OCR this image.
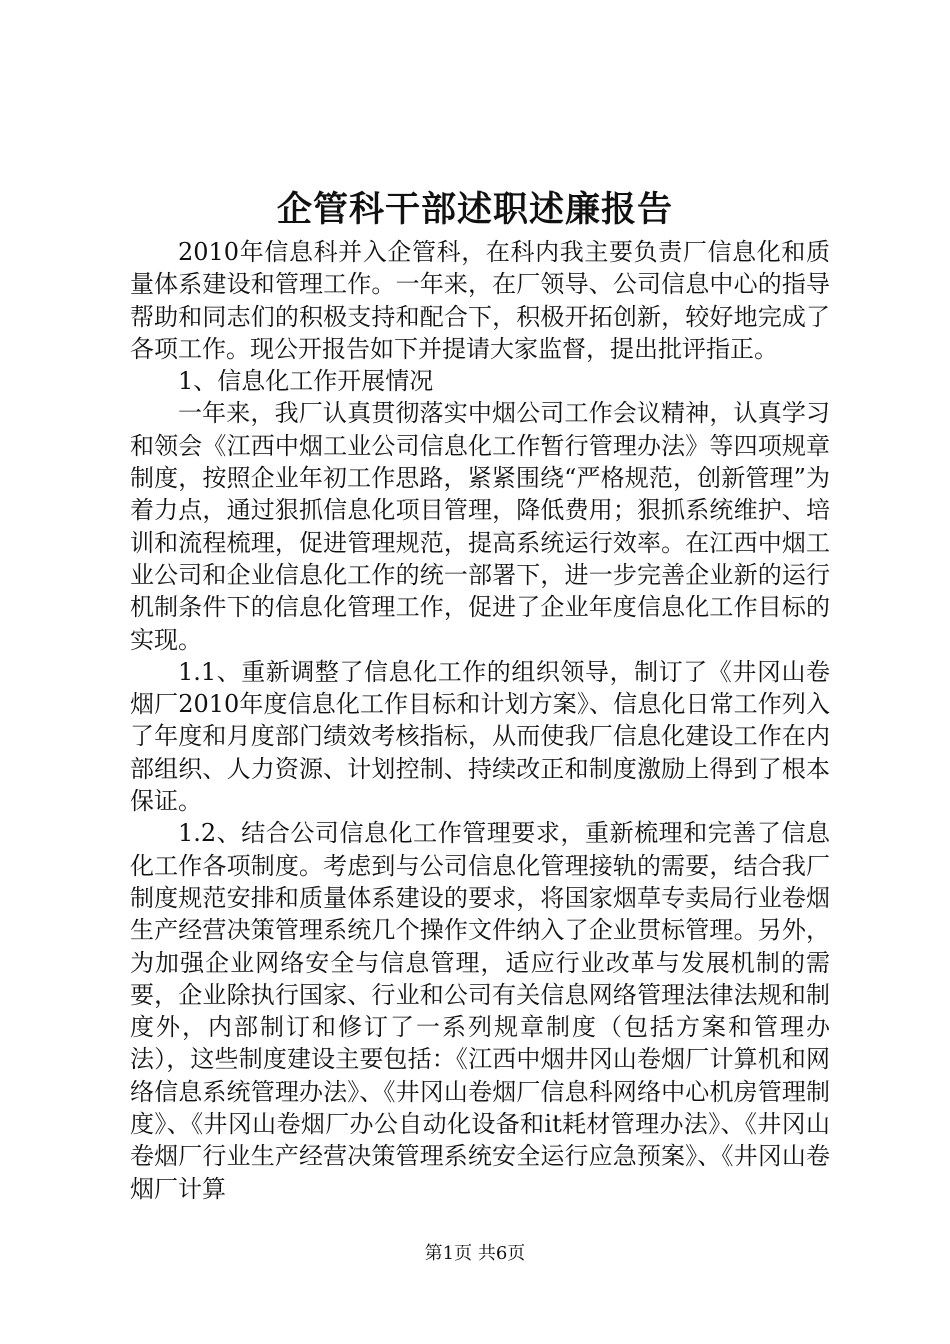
企管科干部述职述廉报告

2010年信息科并入企管科，在科内我主要负责厂信息化和质量体系建设和管理工作。一年来，在厂领导、公司信息中心的指导帮助和同志们的积极支持和配合下，积极开拓创新，较好地完成了各项工作。现公开报告如下并提请大家监督，提出批评指正。

1、信息化工作开展情况

一年来，我厂认真贯彻落实中烟公司工作会议精神，认真学习和领会《江西中烟工业公司信息化工作暂行管理办法》等四项规章制度，按照企业年初工作思路，紧紧围绕“严格规范，创新管理”为着力点，通过狠抓信息化项目管理，降低费用；狠抓系统维护、培训和流程梳理，促进管理规范，提高系统运行效率。在江西中烟工业公司和企业信息化工作的统一部署下，进一步完善企业新的运行机制条件下的信息化管理工作，促进了企业年度信息化工作目标的实现。

1.1、重新调整了信息化工作的组织领导，制订了《井冈山卷烟厂2010年度信息化工作目标和计划方案》、信息化日常工作列入了年度和月度部门绩效考核指标，从而使我厂信息化建设工作在内部组织、人力资源、计划控制、持续改正和制度激励上得到了根本保证。

1.2、结合公司信息化工作管理要求，重新梳理和完善了信息化工作各项制度。考虑到与公司信息化管理接轨的需要，结合我厂制度规范安排和质量体系建设的要求，将国家烟草专卖局行业卷烟生产经营决策管理系统几个操作文件纳入了企业贯标管理。另外，为加强企业网络安全与信息管理，适应行业改革与发展机制的需要，企业除执行国家、行业和公司有关信息网络管理法律法规和制度外，内部制订和修订了一系列规章制度（包括方案和管理办法），这些制度建设主要包括：《江西中烟井冈山卷烟厂计算机和网络信息系统管理办法》、《井冈山卷烟厂信息科网络中心机房管理制度》、《井冈山卷烟厂办公自动化设备和it耗材管理办法》、《井冈山卷烟厂行业生产经营决策管理系统安全运行应急预案》、《井冈山卷烟厂计算

第1页 共6页
